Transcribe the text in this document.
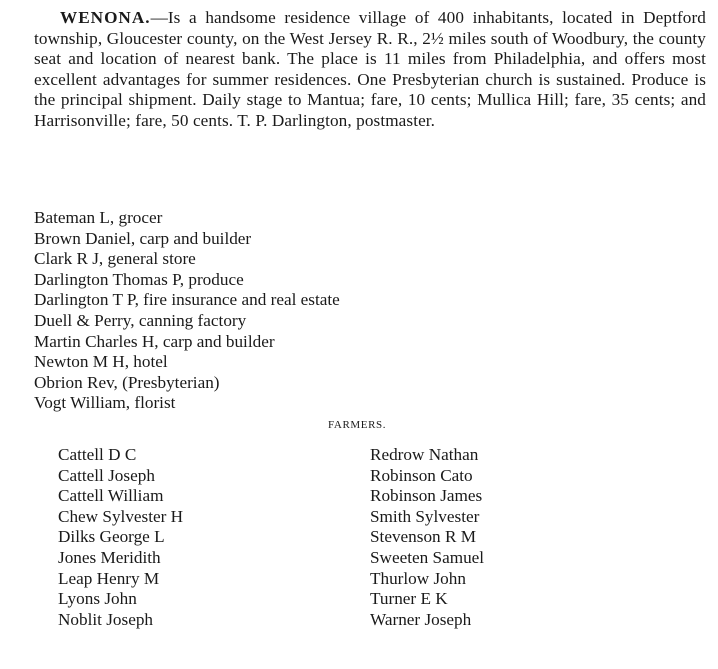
WENONA.—Is a handsome residence village of 400 inhabitants, located in Deptford township, Gloucester county, on the West Jersey R. R., 2½ miles south of Woodbury, the county seat and location of nearest bank. The place is 11 miles from Philadelphia, and offers most excellent advantages for summer residences. One Presbyterian church is sustained. Produce is the principal shipment. Daily stage to Mantua; fare, 10 cents; Mullica Hill; fare, 35 cents; and Harrisonville; fare, 50 cents. T. P. Darlington, postmaster.
Bateman L, grocer
Brown Daniel, carp and builder
Clark R J, general store
Darlington Thomas P, produce
Darlington T P, fire insurance and real estate
Duell & Perry, canning factory
Martin Charles H, carp and builder
Newton M H, hotel
Obrion Rev, (Presbyterian)
Vogt William, florist
FARMERS.
Cattell D C
Cattell Joseph
Cattell William
Chew Sylvester H
Dilks George L
Jones Meridith
Leap Henry M
Lyons John
Noblit Joseph
Redrow Nathan
Robinson Cato
Robinson James
Smith Sylvester
Stevenson R M
Sweeten Samuel
Thurlow John
Turner E K
Warner Joseph
